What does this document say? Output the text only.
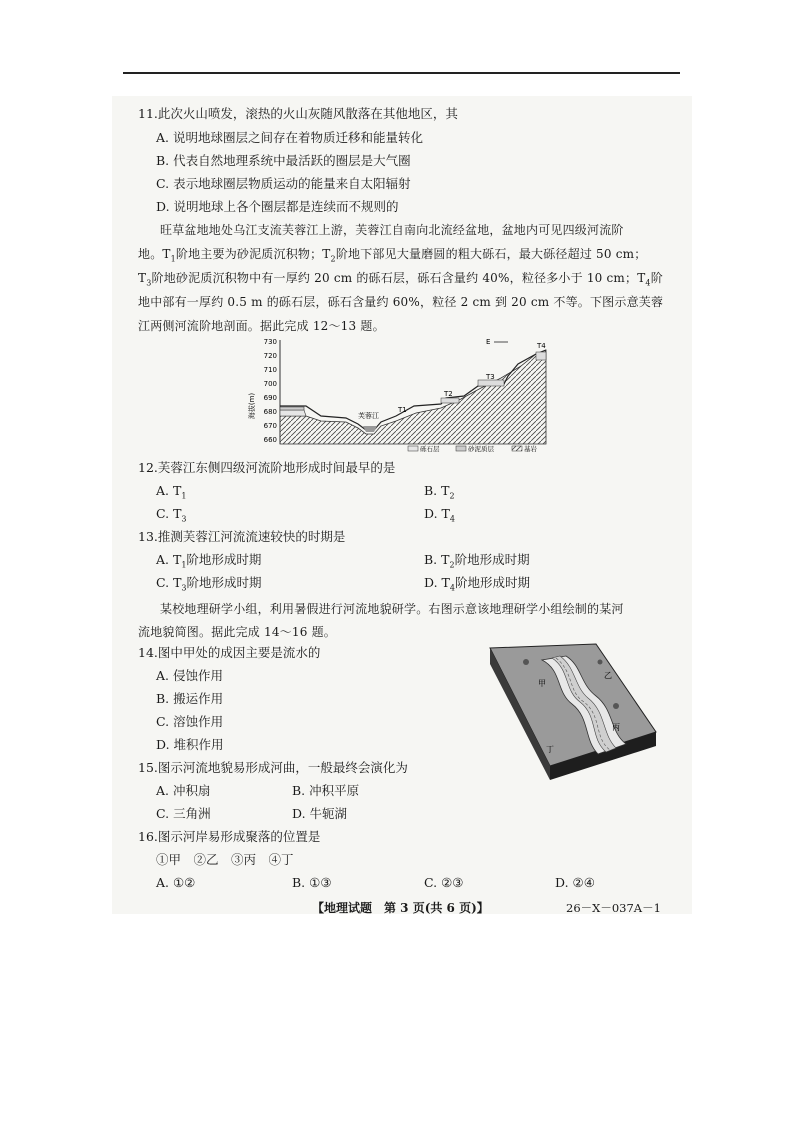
11.此次火山喷发，滚热的火山灰随风散落在其他地区，其
A. 说明地球圈层之间存在着物质迁移和能量转化
B. 代表自然地理系统中最活跃的圈层是大气圈
C. 表示地球圈层物质运动的能量来自太阳辐射
D. 说明地球上各个圈层都是连续而不规则的
旺草盆地地处乌江支流芙蓉江上游，芙蓉江自南向北流经盆地，盆地内可见四级河流阶
地。$T_1$阶地主要为砂泥质沉积物；$T_2$阶地下部见大量磨圆的粗大砾石，最大砾径超过 50 cm；
$T_3$阶地砂泥质沉积物中有一厚约 20 cm 的砾石层，砾石含量约 40%，粒径多小于 10 cm；$T_4$阶
地中部有一厚约 0.5 m 的砾石层，砾石含量约 60%，粒径 2 cm 到 20 cm 不等。下图示意芙蓉
江两侧河流阶地剖面。据此完成 12～13 题。
海拔(m)
730
720
710
700
690
680
670
660
芙蓉江
T1
T2
T3
T4
E
砾石层	砂泥质层	基岩
12.芙蓉江东侧四级河流阶地形成时间最早的是
A. $T_1$	B. $T_2$
C. $T_3$	D. $T_4$
13.推测芙蓉江河流流速较快的时期是
A. $T_1$阶地形成时期	B. $T_2$阶地形成时期
C. $T_3$阶地形成时期	D. $T_4$阶地形成时期
某校地理研学小组，利用暑假进行河流地貌研学。右图示意该地理研学小组绘制的某河
流地貌简图。据此完成 14～16 题。
甲
乙
丙
丁
14.图中甲处的成因主要是流水的
A. 侵蚀作用
B. 搬运作用
C. 溶蚀作用
D. 堆积作用
15.图示河流地貌易形成河曲，一般最终会演化为
A. 冲积扇	B. 冲积平原
C. 三角洲	D. 牛轭湖
16.图示河岸易形成聚落的位置是
①甲　②乙　③丙　④丁
A. ①②	B. ①③	C. ②③	D. ②④
【地理试题　第 3 页(共 6 页)】	26－X－037A－1
